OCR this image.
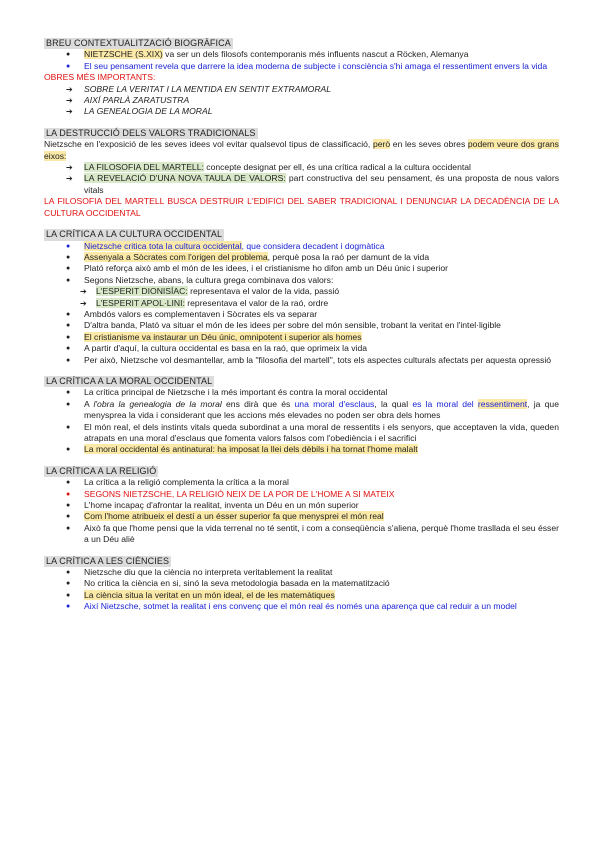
BREU CONTEXTUALITZACIÓ BIOGRÀFICA
● NIETZSCHE (S.XIX) va ser un dels filosofs contemporanis més influents nascut a Röcken, Alemanya
● El seu pensament revela que darrere la idea moderna de subjecte i consciència s'hi amaga el ressentiment envers la vida
OBRES MÉS IMPORTANTS:
➔ SOBRE LA VERITAT I LA MENTIDA EN SENTIT EXTRAMORAL
➔ AIXÍ PARLÀ ZARATUSTRA
➔ LA GENEALOGIA DE LA MORAL
LA DESTRUCCIÓ DELS VALORS TRADICIONALS
Nietzsche en l'exposició de les seves idees vol evitar qualsevol tipus de classificació, però en les seves obres podem veure dos grans eixos:
➔ LA FILOSOFIA DEL MARTELL: concepte designat per ell, és una crítica radical a la cultura occidental
➔ LA REVELACIÓ D'UNA NOVA TAULA DE VALORS: part constructiva del seu pensament, és una proposta de nous valors vitals
LA FILOSOFIA DEL MARTELL BUSCA DESTRUIR L'EDIFICI DEL SABER TRADICIONAL I DENUNCIAR LA DECADÈNCIA DE LA CULTURA OCCIDENTAL
LA CRÍTICA A LA CULTURA OCCIDENTAL
● Nietzsche critica tota la cultura occidental, que considera decadent i dogmàtica
● Assenyala a Sòcrates com l'origen del problema, perquè posa la raó per damunt de la vida
● Plató reforça això amb el món de les idees, i el cristianisme ho difon amb un Déu únic i superior
● Segons Nietzsche, abans, la cultura grega combinava dos valors:
➔ L'ESPERIT DIONISÍAC: representava el valor de la vida, passió
➔ L'ESPERIT APOL·LINI: representava el valor de la raó, ordre
● Ambdós valors es complementaven i Sòcrates els va separar
● D'altra banda, Plató va situar el món de les idees per sobre del món sensible, trobant la veritat en l'intel·ligible
● El cristianisme va instaurar un Déu únic, omnipotent i superior als homes
● A partir d'aquí, la cultura occidental es basa en la raó, que oprimeix la vida
● Per això, Nietzsche vol desmantellar, amb la "filosofia del martell", tots els aspectes culturals afectats per aquesta opressió
LA CRÍTICA A LA MORAL OCCIDENTAL
● La crítica principal de Nietzsche i la més important és contra la moral occidental
● A l'obra la genealogia de la moral ens dirà que és una moral d'esclaus, la qual es la moral del ressentiment, ja que menysprea la vida i considerant que les accions més elevades no poden ser obra dels homes
● El món real, el dels instints vitals queda subordinat a una moral de ressentits i els senyors, que acceptaven la vida, queden atrapats en una moral d'esclaus que fomenta valors falsos com l'obediència i el sacrifici
● La moral occidental és antinatural: ha imposat la llei dels dèbils i ha tornat l'home malalt
LA CRÍTICA A LA RELIGIÓ
● La crítica a la religió complementa la crítica a la moral
● SEGONS NIETZSCHE, LA RELIGIÓ NEIX DE LA POR DE L'HOME A SI MATEIX
● L'home incapaç d'afrontar la realitat, inventa un Déu en un món superior
● Com l'home atribueix el destí a un ésser superior fa que menysprei el món real
● Això fa que l'home pensi que la vida terrenal no té sentit, i com a conseqüència s'aliena, perquè l'home trasllada el seu ésser a un Déu aliè
LA CRÍTICA A LES CIÈNCIES
● Nietzsche diu que la ciència no interpreta veritablement la realitat
● No critica la ciència en si, sinó la seva metodologia basada en la matematització
● La ciència situa la veritat en un món ideal, el de les matemàtiques
● Així Nietzsche, sotmet la realitat i ens convenç que el món real és només una aparença que cal reduir a un model
